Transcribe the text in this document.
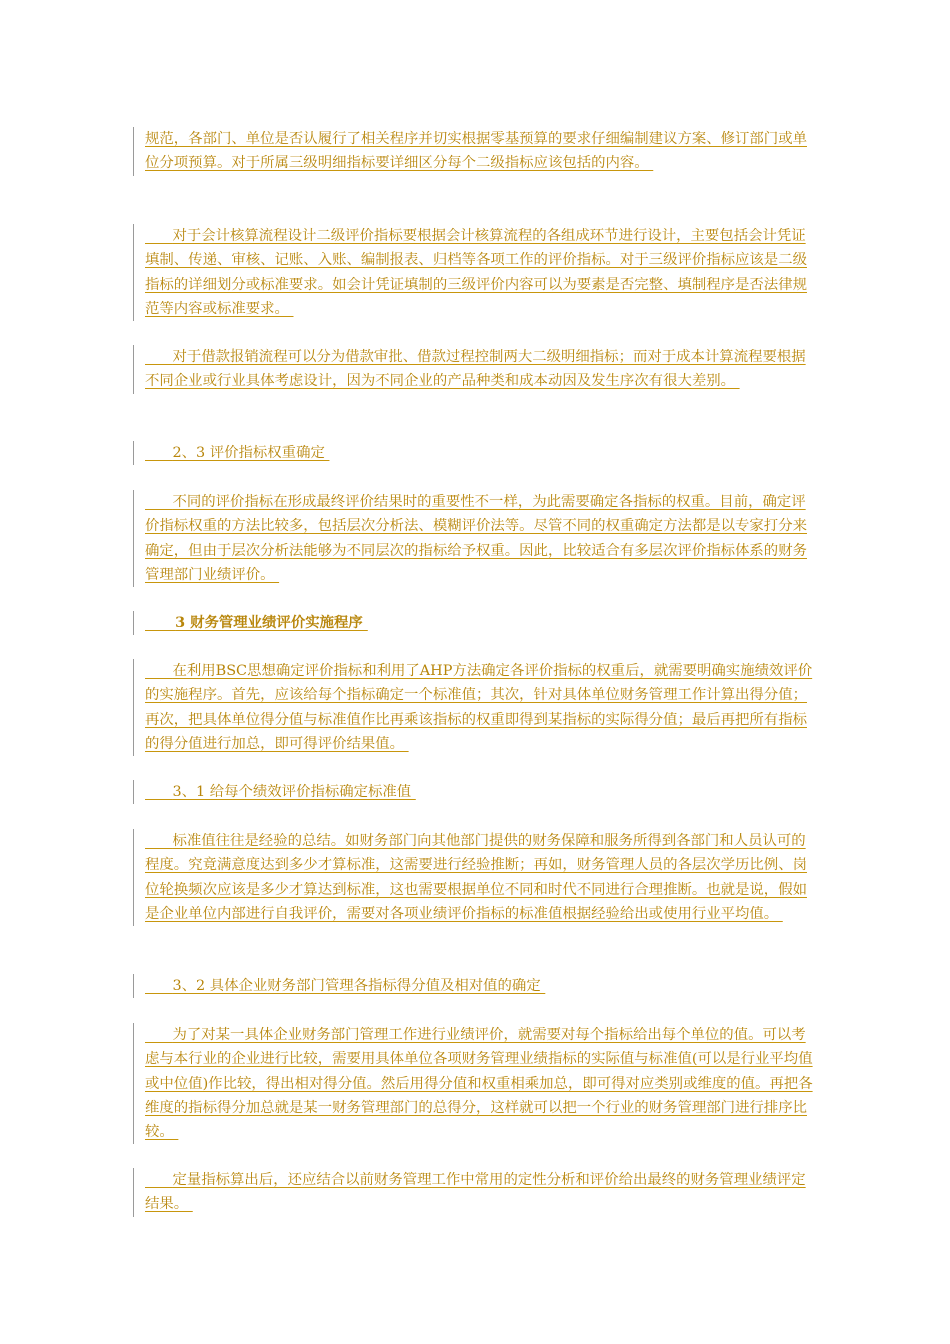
规范，各部门、单位是否认履行了相关程序并切实根据零基预算的要求仔细编制建议方案、修订部门或单位分项预算。对于所属三级明细指标要详细区分每个二级指标应该包括的内容。

对于会计核算流程设计二级评价指标要根据会计核算流程的各组成环节进行设计，主要包括会计凭证填制、传递、审核、记账、入账、编制报表、归档等各项工作的评价指标。对于三级评价指标应该是二级指标的详细划分或标准要求。如会计凭证填制的三级评价内容可以为要素是否完整、填制程序是否法律规范等内容或标准要求。

对于借款报销流程可以分为借款审批、借款过程控制两大二级明细指标；而对于成本计算流程要根据不同企业或行业具体考虑设计，因为不同企业的产品种类和成本动因及发生序次有很大差别。

2、3 评价指标权重确定

不同的评价指标在形成最终评价结果时的重要性不一样，为此需要确定各指标的权重。目前，确定评价指标权重的方法比较多，包括层次分析法、模糊评价法等。尽管不同的权重确定方法都是以专家打分来确定，但由于层次分析法能够为不同层次的指标给予权重。因此，比较适合有多层次评价指标体系的财务管理部门业绩评价。

3 财务管理业绩评价实施程序

在利用BSC思想确定评价指标和利用了AHP方法确定各评价指标的权重后，就需要明确实施绩效评价的实施程序。首先，应该给每个指标确定一个标准值；其次，针对具体单位财务管理工作计算出得分值；再次，把具体单位得分值与标准值作比再乘该指标的权重即得到某指标的实际得分值；最后再把所有指标的得分值进行加总，即可得评价结果值。

3、1 给每个绩效评价指标确定标准值

标准值往往是经验的总结。如财务部门向其他部门提供的财务保障和服务所得到各部门和人员认可的程度。究竟满意度达到多少才算标准，这需要进行经验推断；再如，财务管理人员的各层次学历比例、岗位轮换频次应该是多少才算达到标准，这也需要根据单位不同和时代不同进行合理推断。也就是说，假如是企业单位内部进行自我评价，需要对各项业绩评价指标的标准值根据经验给出或使用行业平均值。

3、2 具体企业财务部门管理各指标得分值及相对值的确定

为了对某一具体企业财务部门管理工作进行业绩评价，就需要对每个指标给出每个单位的值。可以考虑与本行业的企业进行比较，需要用具体单位各项财务管理业绩指标的实际值与标准值(可以是行业平均值或中位值)作比较，得出相对得分值。然后用得分值和权重相乘加总，即可得对应类别或维度的值。再把各维度的指标得分加总就是某一财务管理部门的总得分，这样就可以把一个行业的财务管理部门进行排序比较。

定量指标算出后，还应结合以前财务管理工作中常用的定性分析和评价给出最终的财务管理业绩评定结果。
